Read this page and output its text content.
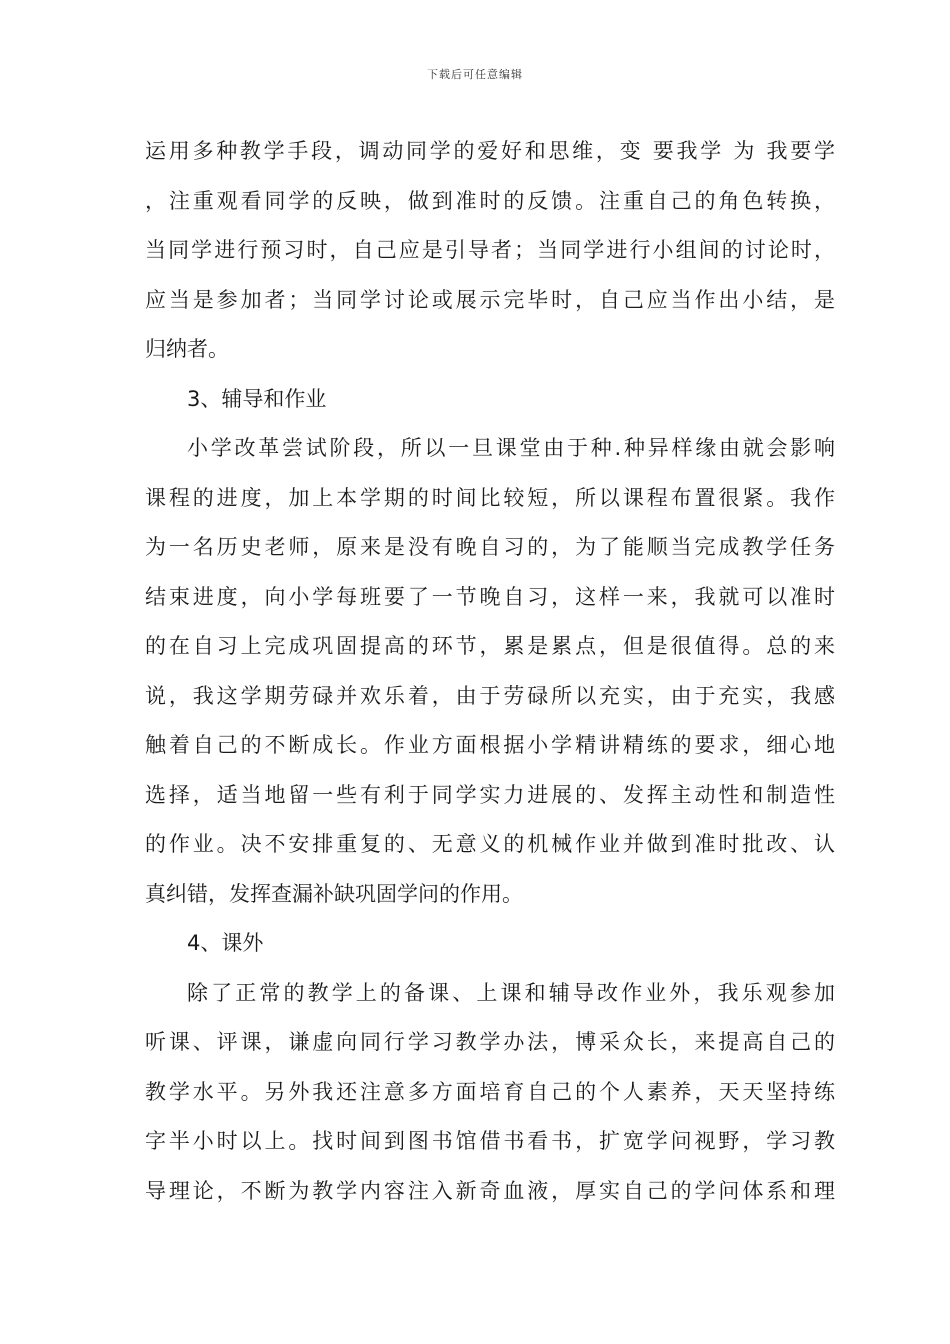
下载后可任意编辑
运用多种教学手段，调动同学的爱好和思维，变 要我学 为 我要学
，注重观看同学的反映，做到准时的反馈。注重自己的角色转换，
当同学进行预习时，自己应是引导者；当同学进行小组间的讨论时，
应当是参加者；当同学讨论或展示完毕时，自己应当作出小结，是
归纳者。
3、辅导和作业
小学改革尝试阶段，所以一旦课堂由于种.种异样缘由就会影响
课程的进度，加上本学期的时间比较短，所以课程布置很紧。我作
为一名历史老师，原来是没有晚自习的，为了能顺当完成教学任务
结束进度，向小学每班要了一节晚自习，这样一来，我就可以准时
的在自习上完成巩固提高的环节，累是累点，但是很值得。总的来
说，我这学期劳碌并欢乐着，由于劳碌所以充实，由于充实，我感
触着自己的不断成长。作业方面根据小学精讲精练的要求，细心地
选择，适当地留一些有利于同学实力进展的、发挥主动性和制造性
的作业。决不安排重复的、无意义的机械作业并做到准时批改、认
真纠错，发挥查漏补缺巩固学问的作用。
4、课外
除了正常的教学上的备课、上课和辅导改作业外，我乐观参加
听课、评课，谦虚向同行学习教学办法，博采众长，来提高自己的
教学水平。另外我还注意多方面培育自己的个人素养，天天坚持练
字半小时以上。找时间到图书馆借书看书，扩宽学问视野，学习教
导理论，不断为教学内容注入新奇血液，厚实自己的学问体系和理
